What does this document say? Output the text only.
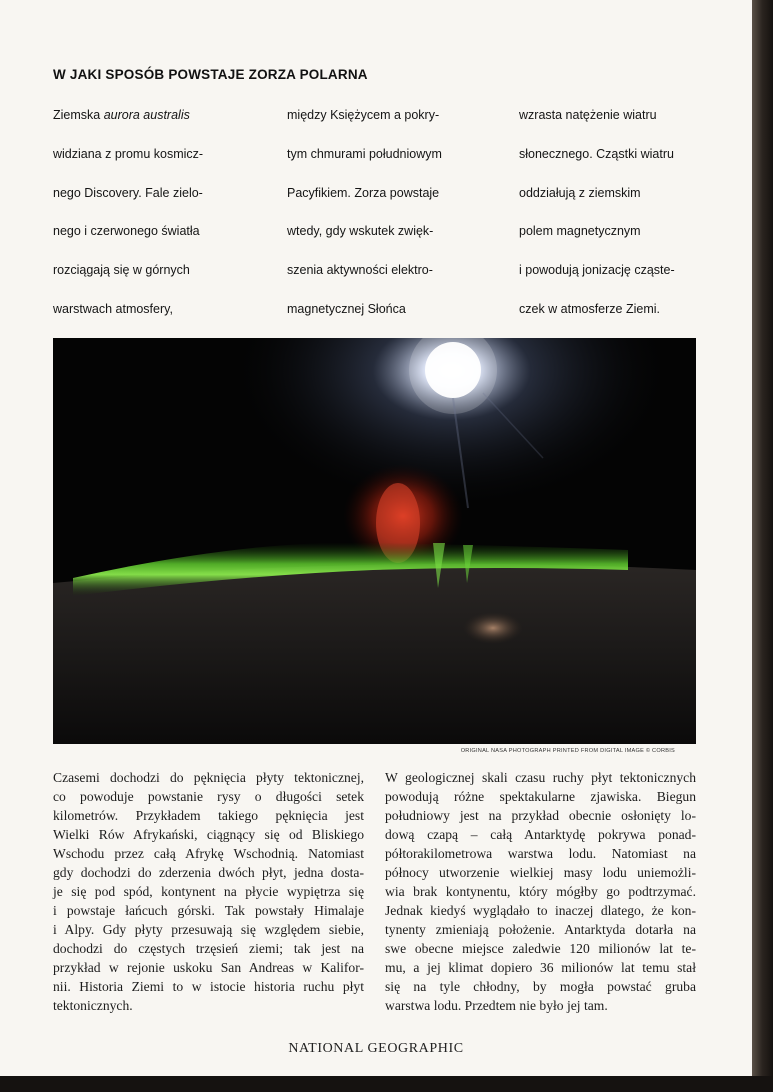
W JAKI SPOSÓB POWSTAJE ZORZA POLARNA
Ziemska aurora australis
widziana z promu kosmicz-
nego Discovery. Fale zielo-
nego i czerwonego światła
rozciągają się w górnych
warstwach atmosfery,
między Księżycem a pokry-
tym chmurami południowym
Pacyfikiem. Zorza powstaje
wtedy, gdy wskutek zwięk-
szenia aktywności elektro-
magnetycznej Słońca
wzrasta natężenie wiatru
słonecznego. Cząstki wiatru
oddziałują z ziemskim
polem magnetycznym
i powodują jonizację cząste-
czek w atmosferze Ziemi.
ORIGINAL NASA PHOTOGRAPH PRINTED FROM DIGITAL IMAGE © CORBIS
Czasemi dochodzi do pęknięcia płyty tektonicznej,
co powoduje powstanie rysy o długości setek
kilometrów. Przykładem takiego pęknięcia jest
Wielki Rów Afrykański, ciągnący się od Bliskiego
Wschodu przez całą Afrykę Wschodnią. Natomiast
gdy dochodzi do zderzenia dwóch płyt, jedna dosta-
je się pod spód, kontynent na płycie wypiętrza się
i powstaje łańcuch górski. Tak powstały Himalaje
i Alpy. Gdy płyty przesuwają się względem siebie,
dochodzi do częstych trzęsień ziemi; tak jest na
przykład w rejonie uskoku San Andreas w Kalifor-
nii. Historia Ziemi to w istocie historia ruchu płyt
tektonicznych.
W geologicznej skali czasu ruchy płyt tektonicznych
powodują różne spektakularne zjawiska. Biegun
południowy jest na przykład obecnie osłonięty lo-
dową czapą – całą Antarktydę pokrywa ponad-
półtorakilometrowa warstwa lodu. Natomiast na
północy utworzenie wielkiej masy lodu uniemożli-
wia brak kontynentu, który mógłby go podtrzymać.
Jednak kiedyś wyglądało to inaczej dlatego, że kon-
tynenty zmieniają położenie. Antarktyda dotarła na
swe obecne miejsce zaledwie 120 milionów lat te-
mu, a jej klimat dopiero 36 milionów lat temu stał
się na tyle chłodny, by mogła powstać gruba
warstwa lodu. Przedtem nie było jej tam.
NATIONAL GEOGRAPHIC
